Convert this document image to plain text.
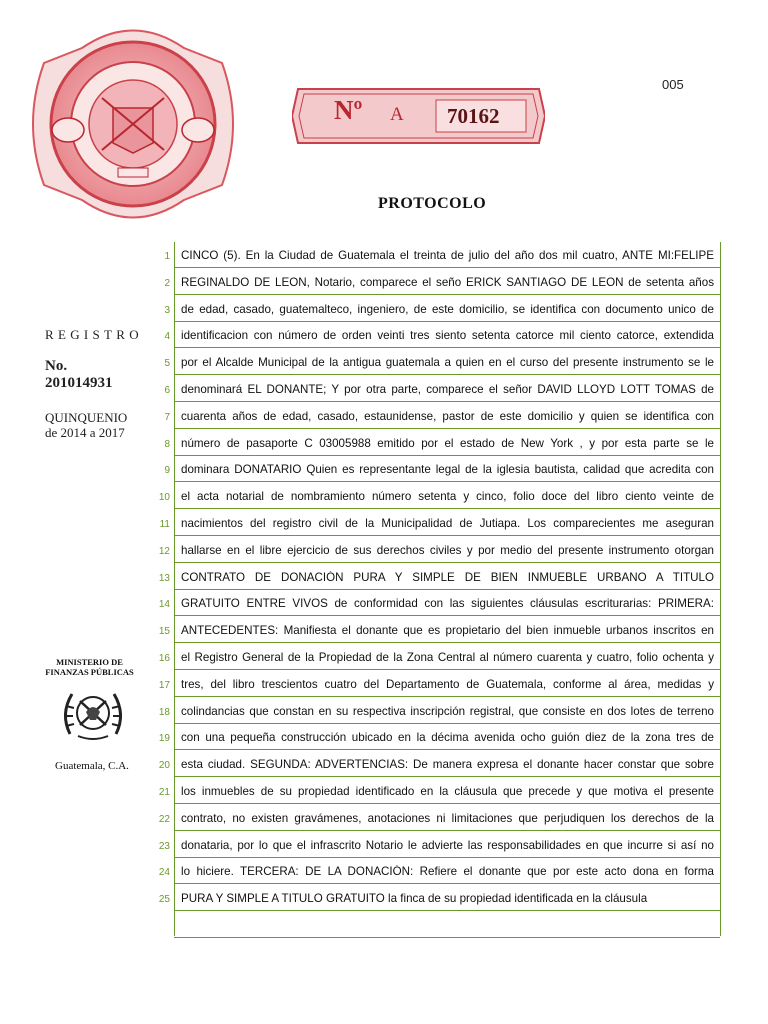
005
Nº A 70162
PROTOCOLO
REGISTRO
No.
201014931
QUINQUENIO
de 2014 a 2017
MINISTERIO DE
FINANZAS PÚBLICAS
Guatemala, C.A.
1 CINCO (5). En la Ciudad de Guatemala el treinta de julio del año dos mil cuatro, ANTE MI:FELIPE
2 REGINALDO DE LEON, Notario, comparece el seño ERICK SANTIAGO DE LEON de setenta años
3 de edad, casado, guatemalteco, ingeniero, de este domicilio, se identifica con documento unico de
4 identificacion con número de orden veinti tres siento setenta catorce mil ciento catorce, extendida
5 por el Alcalde Municipal de la antigua guatemala a quien en el curso del presente instrumento se le
6 denominará EL DONANTE; Y por otra parte, comparece el señor DAVID LLOYD LOTT TOMAS de
7 cuarenta años de edad, casado, estaunidense, pastor de este domicilio y quien se identifica con
8 número de pasaporte C 03005988 emitido por el estado de New York , y por esta parte se le
9 dominara DONATARIO Quien es representante legal de la iglesia bautista, calidad que acredita con
10 el acta notarial de nombramiento número setenta y cinco, folio doce del libro ciento veinte de
11 nacimientos del registro civil de la Municipalidad de Jutiapa. Los comparecientes me aseguran
12 hallarse en el libre ejercicio de sus derechos civiles y por medio del presente instrumento otorgan
13 CONTRATO DE DONACIÓN PURA Y SIMPLE DE BIEN INMUEBLE URBANO A TITULO
14 GRATUITO ENTRE VIVOS de conformidad con las siguientes cláusulas escriturarias: PRIMERA:
15 ANTECEDENTES: Manifiesta el donante que es propietario del bien inmueble urbanos inscritos en
16 el Registro General de la Propiedad de la Zona Central al número cuarenta y cuatro, folio ochenta y
17 tres, del libro trescientos cuatro del Departamento de Guatemala, conforme al área, medidas y
18 colindancias que constan en su respectiva inscripción registral, que consiste en dos lotes de terreno
19 con una pequeña construcción ubicado en la décima avenida ocho guión diez de la zona tres de
20 esta ciudad. SEGUNDA: ADVERTENCIAS: De manera expresa el donante hacer constar que sobre
21 los inmuebles de su propiedad identificado en la cláusula que precede y que motiva el presente
22 contrato, no existen gravámenes, anotaciones ni limitaciones que perjudiquen los derechos de la
23 donataria, por lo que el infrascrito Notario le advierte las responsabilidades en que incurre si así no
24 lo hiciere. TERCERA: DE LA DONACIÓN: Refiere el donante que por este acto dona en forma
25 PURA Y SIMPLE A TITULO GRATUITO la finca de su propiedad identificada en la cláusula
